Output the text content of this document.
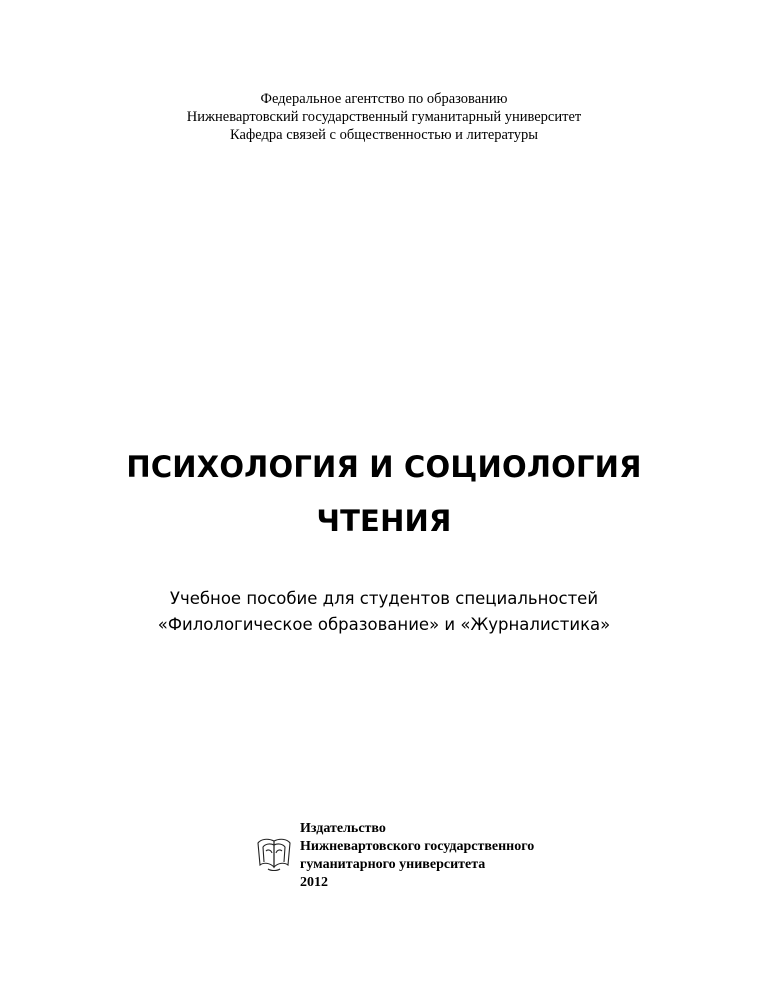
Федеральное агентство по образованию
Нижневартовский государственный гуманитарный университет
Кафедра связей с общественностью и литературы
ПСИХОЛОГИЯ И СОЦИОЛОГИЯ
ЧТЕНИЯ
Учебное пособие для студентов специальностей
«Филологическое образование» и «Журналистика»
Издательство
Нижневартовского государственного
гуманитарного университета
2012
